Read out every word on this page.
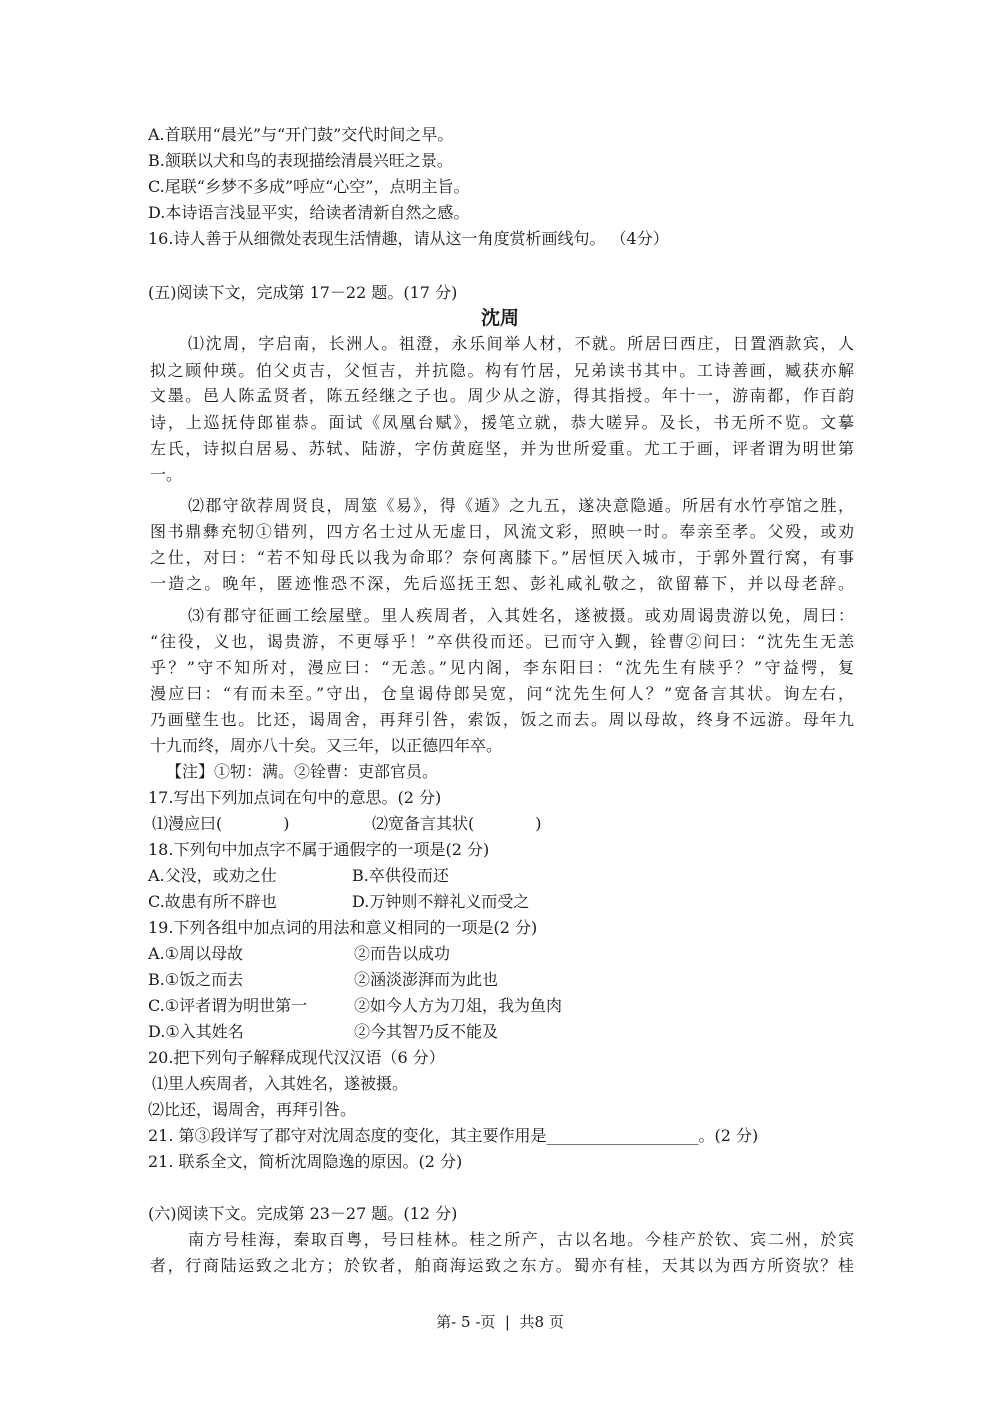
A.首联用“晨光”与“开门鼓”交代时间之早。
B.颔联以犬和鸟的表现描绘清晨兴旺之景。
C.尾联“乡梦不多成”呼应“心空”，点明主旨。
D.本诗语言浅显平实，给读者清新自然之感。
16.诗人善于从细微处表现生活情趣，请从这一角度赏析画线句。 （4分）
(五)阅读下文，完成第 17－22 题。(17 分)
沈周
⑴沈周，字启南，长洲人。祖澄，永乐间举人材，不就。所居曰西庄，日置酒款宾，人
拟之顾仲瑛。伯父贞吉，父恒吉，并抗隐。构有竹居，兄弟读书其中。工诗善画，臧获亦解
文墨。邑人陈孟贤者，陈五经继之子也。周少从之游，得其指授。年十一，游南都，作百韵
诗，上巡抚侍郎崔恭。面试《凤凰台赋》，援笔立就，恭大嗟异。及长，书无所不览。文摹
左氏，诗拟白居易、苏轼、陆游，字仿黄庭坚，并为世所爱重。尤工于画，评者谓为明世第
一。
⑵郡守欲荐周贤良，周筮《易》，得《遁》之九五，遂决意隐遁。所居有水竹亭馆之胜，
图书鼎彝充牣①错列，四方名士过从无虚日，风流文彩，照映一时。奉亲至孝。父殁，或劝
之仕，对曰：“若不知母氏以我为命耶？奈何离膝下。”居恒厌入城市，于郭外置行窝，有事
一造之。晚年，匿迹惟恐不深，先后巡抚王恕、彭礼咸礼敬之，欲留幕下，并以母老辞。
⑶有郡守征画工绘屋壁。里人疾周者，入其姓名，遂被摄。或劝周谒贵游以免，周曰：
“往役，义也，谒贵游，不更辱乎！”卒供役而还。已而守入觐，铨曹②问曰：“沈先生无恙
乎？”守不知所对，漫应曰：“无恙。”见内阁，李东阳曰：“沈先生有牍乎？”守益愕，复
漫应曰：“有而未至。”守出，仓皇谒侍郎吴宽，问“沈先生何人？”宽备言其状。询左右，
乃画壁生也。比还，谒周舍，再拜引咎，索饭，饭之而去。周以母故，终身不远游。母年九
十九而终，周亦八十矣。又三年，以正德四年卒。
【注】①牣：满。②铨曹：吏部官员。
17.写出下列加点词在句中的意思。(2 分)
⑴漫应曰(            )	⑵宽备言其状(            )
18.下列句中加点字不属于通假字的一项是(2 分)
A.父没，或劝之仕	B.卒供役而还
C.故患有所不辟也	D.万钟则不辩礼义而受之
19.下列各组中加点词的用法和意义相同的一项是(2 分)
A.①周以母故	②而告以成功
B.①饭之而去	②涵淡澎湃而为此也
C.①评者谓为明世第一	②如今人方为刀俎，我为鱼肉
D.①入其姓名	②今其智乃反不能及
20.把下列句子解释成现代汉汉语（6 分）
⑴里人疾周者，入其姓名，遂被摄。
⑵比还，谒周舍，再拜引咎。
21. 第③段详写了郡守对沈周态度的变化，其主要作用是___________________。(2 分)
21. 联系全文，简析沈周隐逸的原因。(2 分)
(六)阅读下文。完成第 23－27 题。(12 分)
南方号桂海，秦取百粤，号曰桂林。桂之所产，古以名地。今桂产於钦、宾二州，於宾
者，行商陆运致之北方；於钦者，舶商海运致之东方。蜀亦有桂，天其以为西方所资欤？桂
第- 5 -页  |  共8 页
